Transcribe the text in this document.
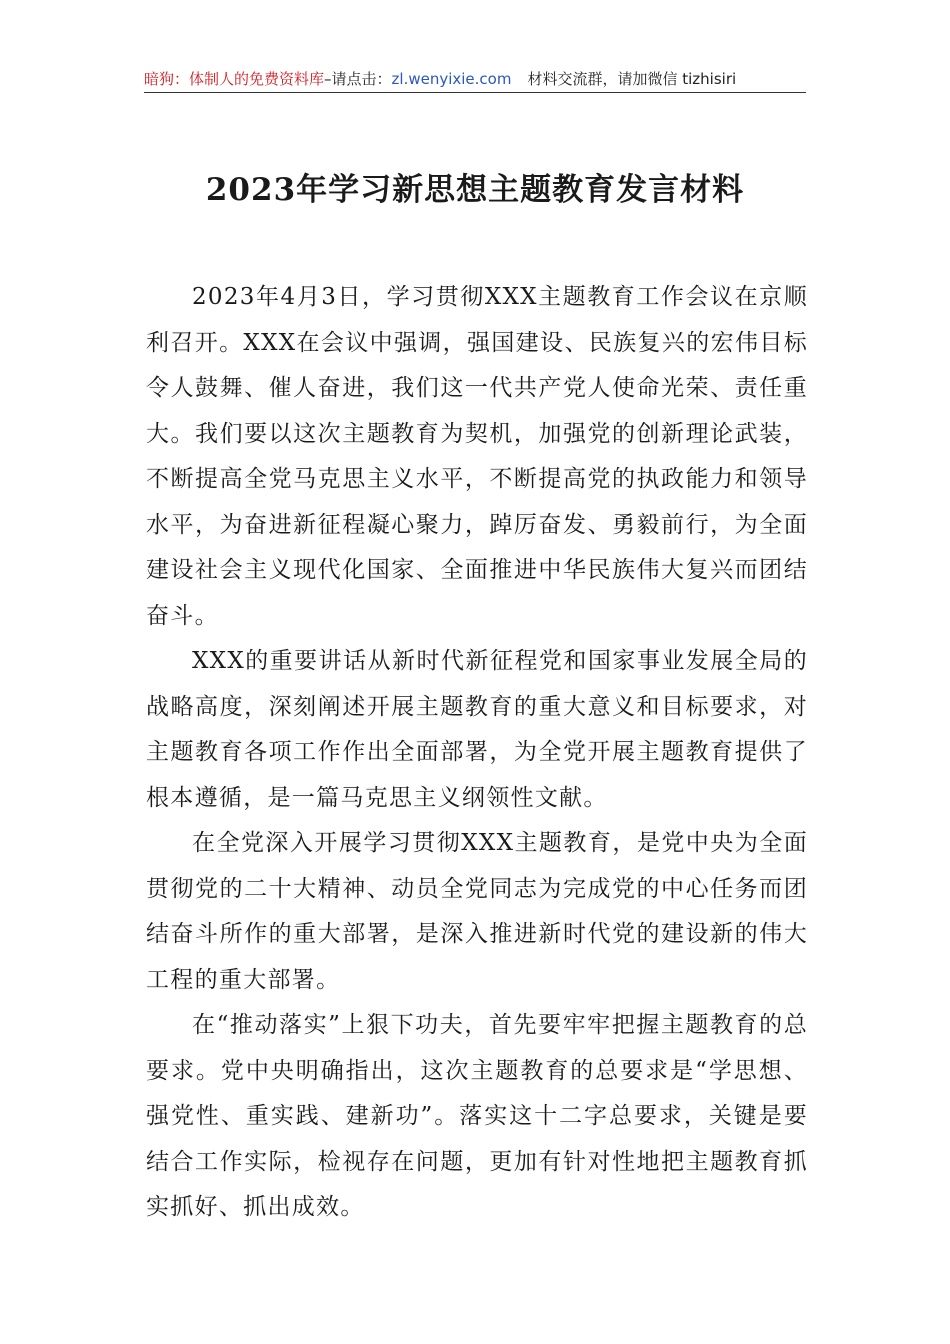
暗狗：体制人的免费资料库–请点击：zl.wenyixie.com 材料交流群，请加微信 tizhisiri
2023年学习新思想主题教育发言材料

2023年4月3日，学习贯彻XXX主题教育工作会议在京顺利召开。XXX在会议中强调，强国建设、民族复兴的宏伟目标令人鼓舞、催人奋进，我们这一代共产党人使命光荣、责任重大。我们要以这次主题教育为契机，加强党的创新理论武装，不断提高全党马克思主义水平，不断提高党的执政能力和领导水平，为奋进新征程凝心聚力，踔厉奋发、勇毅前行，为全面建设社会主义现代化国家、全面推进中华民族伟大复兴而团结奋斗。

XXX的重要讲话从新时代新征程党和国家事业发展全局的战略高度，深刻阐述开展主题教育的重大意义和目标要求，对主题教育各项工作作出全面部署，为全党开展主题教育提供了根本遵循，是一篇马克思主义纲领性文献。

在全党深入开展学习贯彻XXX主题教育，是党中央为全面贯彻党的二十大精神、动员全党同志为完成党的中心任务而团结奋斗所作的重大部署，是深入推进新时代党的建设新的伟大工程的重大部署。

在“推动落实”上狠下功夫，首先要牢牢把握主题教育的总要求。党中央明确指出，这次主题教育的总要求是“学思想、强党性、重实践、建新功”。落实这十二字总要求，关键是要结合工作实际，检视存在问题，更加有针对性地把主题教育抓实抓好、抓出成效。
